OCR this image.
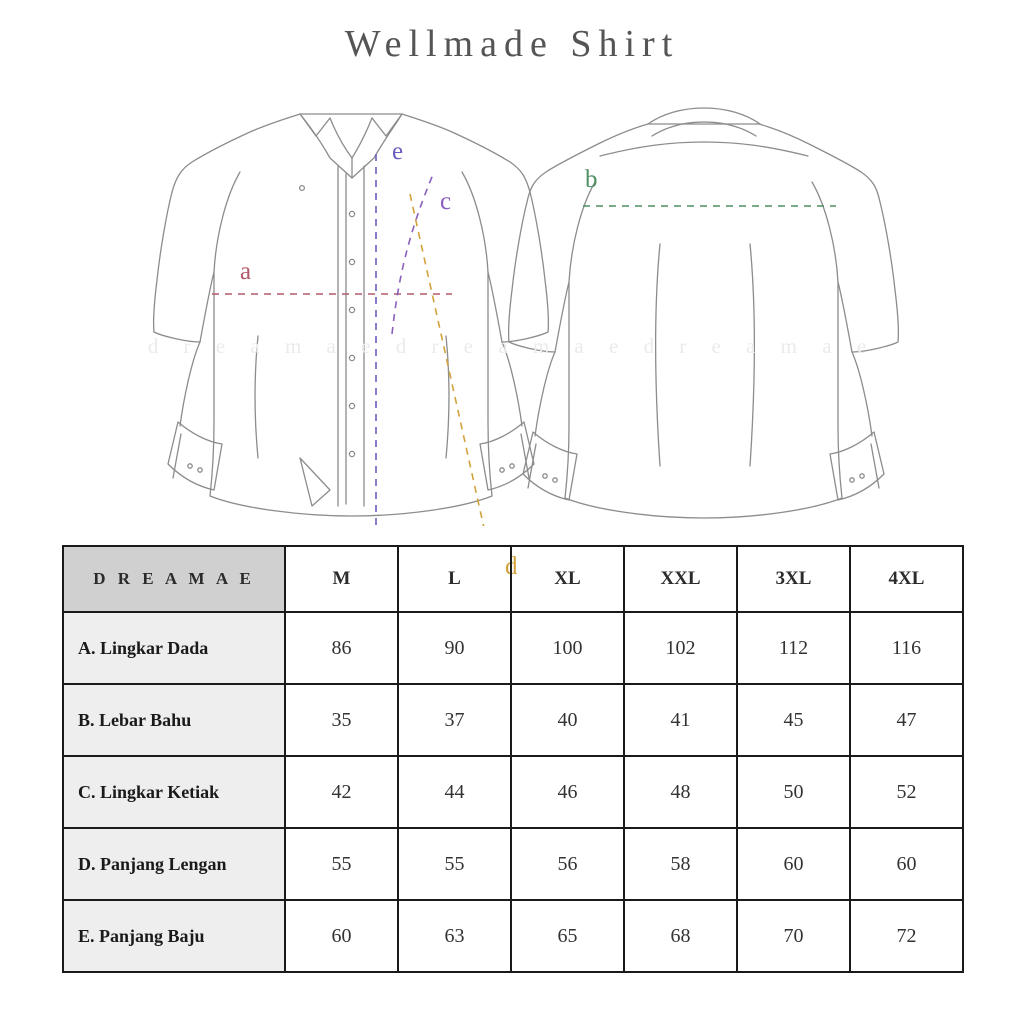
Wellmade Shirt
d r e a m a e d r e a m a e d r e a m a e
a
b
c
d
e
D R E A M A E	M	L	XL	XXL	3XL	4XL
A. Lingkar Dada	86	90	100	102	112	116
B. Lebar Bahu	35	37	40	41	45	47
C. Lingkar Ketiak	42	44	46	48	50	52
D. Panjang Lengan	55	55	56	58	60	60
E. Panjang Baju	60	63	65	68	70	72
